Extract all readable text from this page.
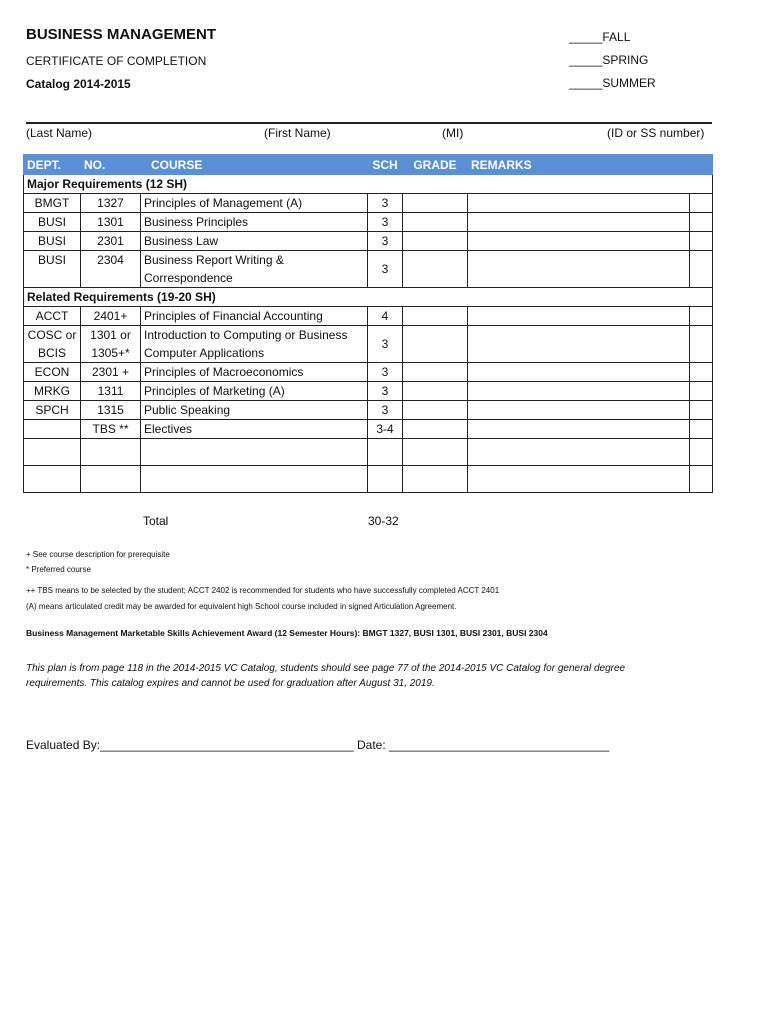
BUSINESS MANAGEMENT
CERTIFICATE OF COMPLETION
Catalog 2014-2015
_____FALL
_____SPRING
_____SUMMER
(Last Name)	(First Name)	(MI)	(ID or SS number)
DEPT.	NO.	COURSE	SCH	GRADE	REMARKS	
Major Requirements (12 SH)						
BMGT	1327	Principles of Management (A)	3			
BUSI	1301	Business Principles	3			
BUSI	2301	Business Law	3			
BUSI	2304	Business Report Writing & Correspondence	3			
Related Requirements (19-20 SH)						
ACCT	2401+	Principles of Financial Accounting	4			
COSC or BCIS	1301 or 1305+*	Introduction to Computing or Business Computer Applications	3			
ECON	2301 +	Principles of Macroeconomics	3			
MRKG	1311	Principles of Marketing (A)	3			
SPCH	1315	Public Speaking	3			
	TBS **	Electives	3-4			

Total	30-32
+ See course description for prerequisite
* Preferred course
++ TBS means to be selected by the student; ACCT 2402 is recommended for students who have successfully completed ACCT 2401
(A) means articulated credit may be awarded for equivalent high School course included in signed Articulation Agreement.
Business Management Marketable Skills Achievement Award (12 Semester Hours): BMGT 1327, BUSI 1301, BUSI 2301, BUSI 2304
This plan is from page 118 in the 2014-2015 VC Catalog, students should see page 77 of the 2014-2015 VC Catalog for general degree requirements. This catalog expires and cannot be used for graduation after August 31, 2019.
Evaluated By:______________________________________ Date: _________________________________
